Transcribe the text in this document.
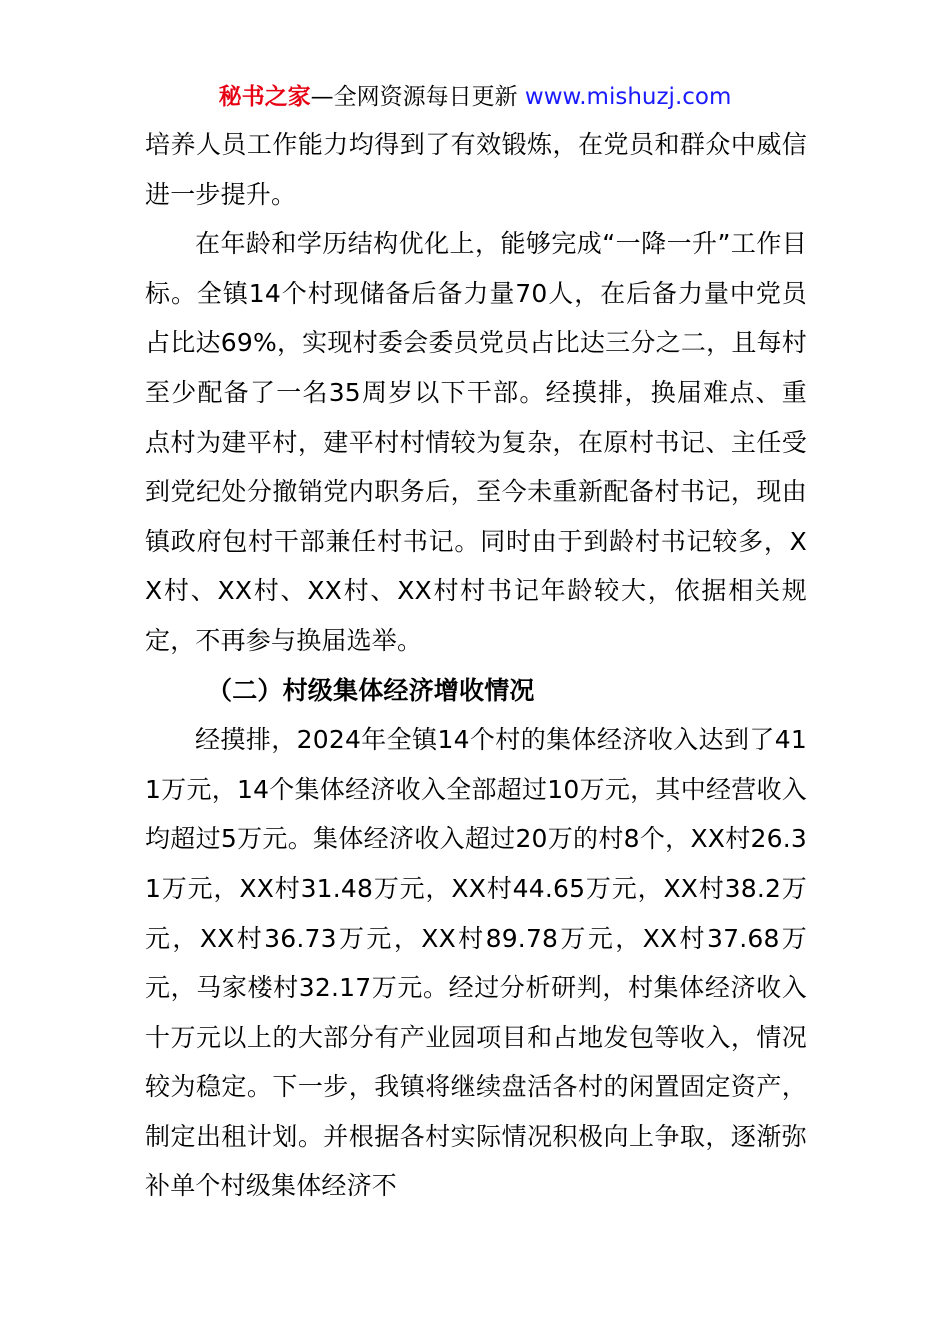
秘书之家—全网资源每日更新 www.mishuzj.com

培养人员工作能力均得到了有效锻炼，在党员和群众中威信进一步提升。

在年龄和学历结构优化上，能够完成“一降一升”工作目标。全镇14个村现储备后备力量70人，在后备力量中党员占比达69%，实现村委会委员党员占比达三分之二，且每村至少配备了一名35周岁以下干部。经摸排，换届难点、重点村为建平村，建平村村情较为复杂，在原村书记、主任受到党纪处分撤销党内职务后，至今未重新配备村书记，现由镇政府包村干部兼任村书记。同时由于到龄村书记较多，XX村、XX村、XX村、XX村村书记年龄较大，依据相关规定，不再参与换届选举。

（二）村级集体经济增收情况

经摸排，2024年全镇14个村的集体经济收入达到了411万元，14个集体经济收入全部超过10万元，其中经营收入均超过5万元。集体经济收入超过20万的村8个，XX村26.31万元，XX村31.48万元，XX村44.65万元，XX村38.2万元，XX村36.73万元，XX村89.78万元，XX村37.68万元，马家楼村32.17万元。经过分析研判，村集体经济收入十万元以上的大部分有产业园项目和占地发包等收入，情况较为稳定。下一步，我镇将继续盘活各村的闲置固定资产，制定出租计划。并根据各村实际情况积极向上争取，逐渐弥补单个村级集体经济不
